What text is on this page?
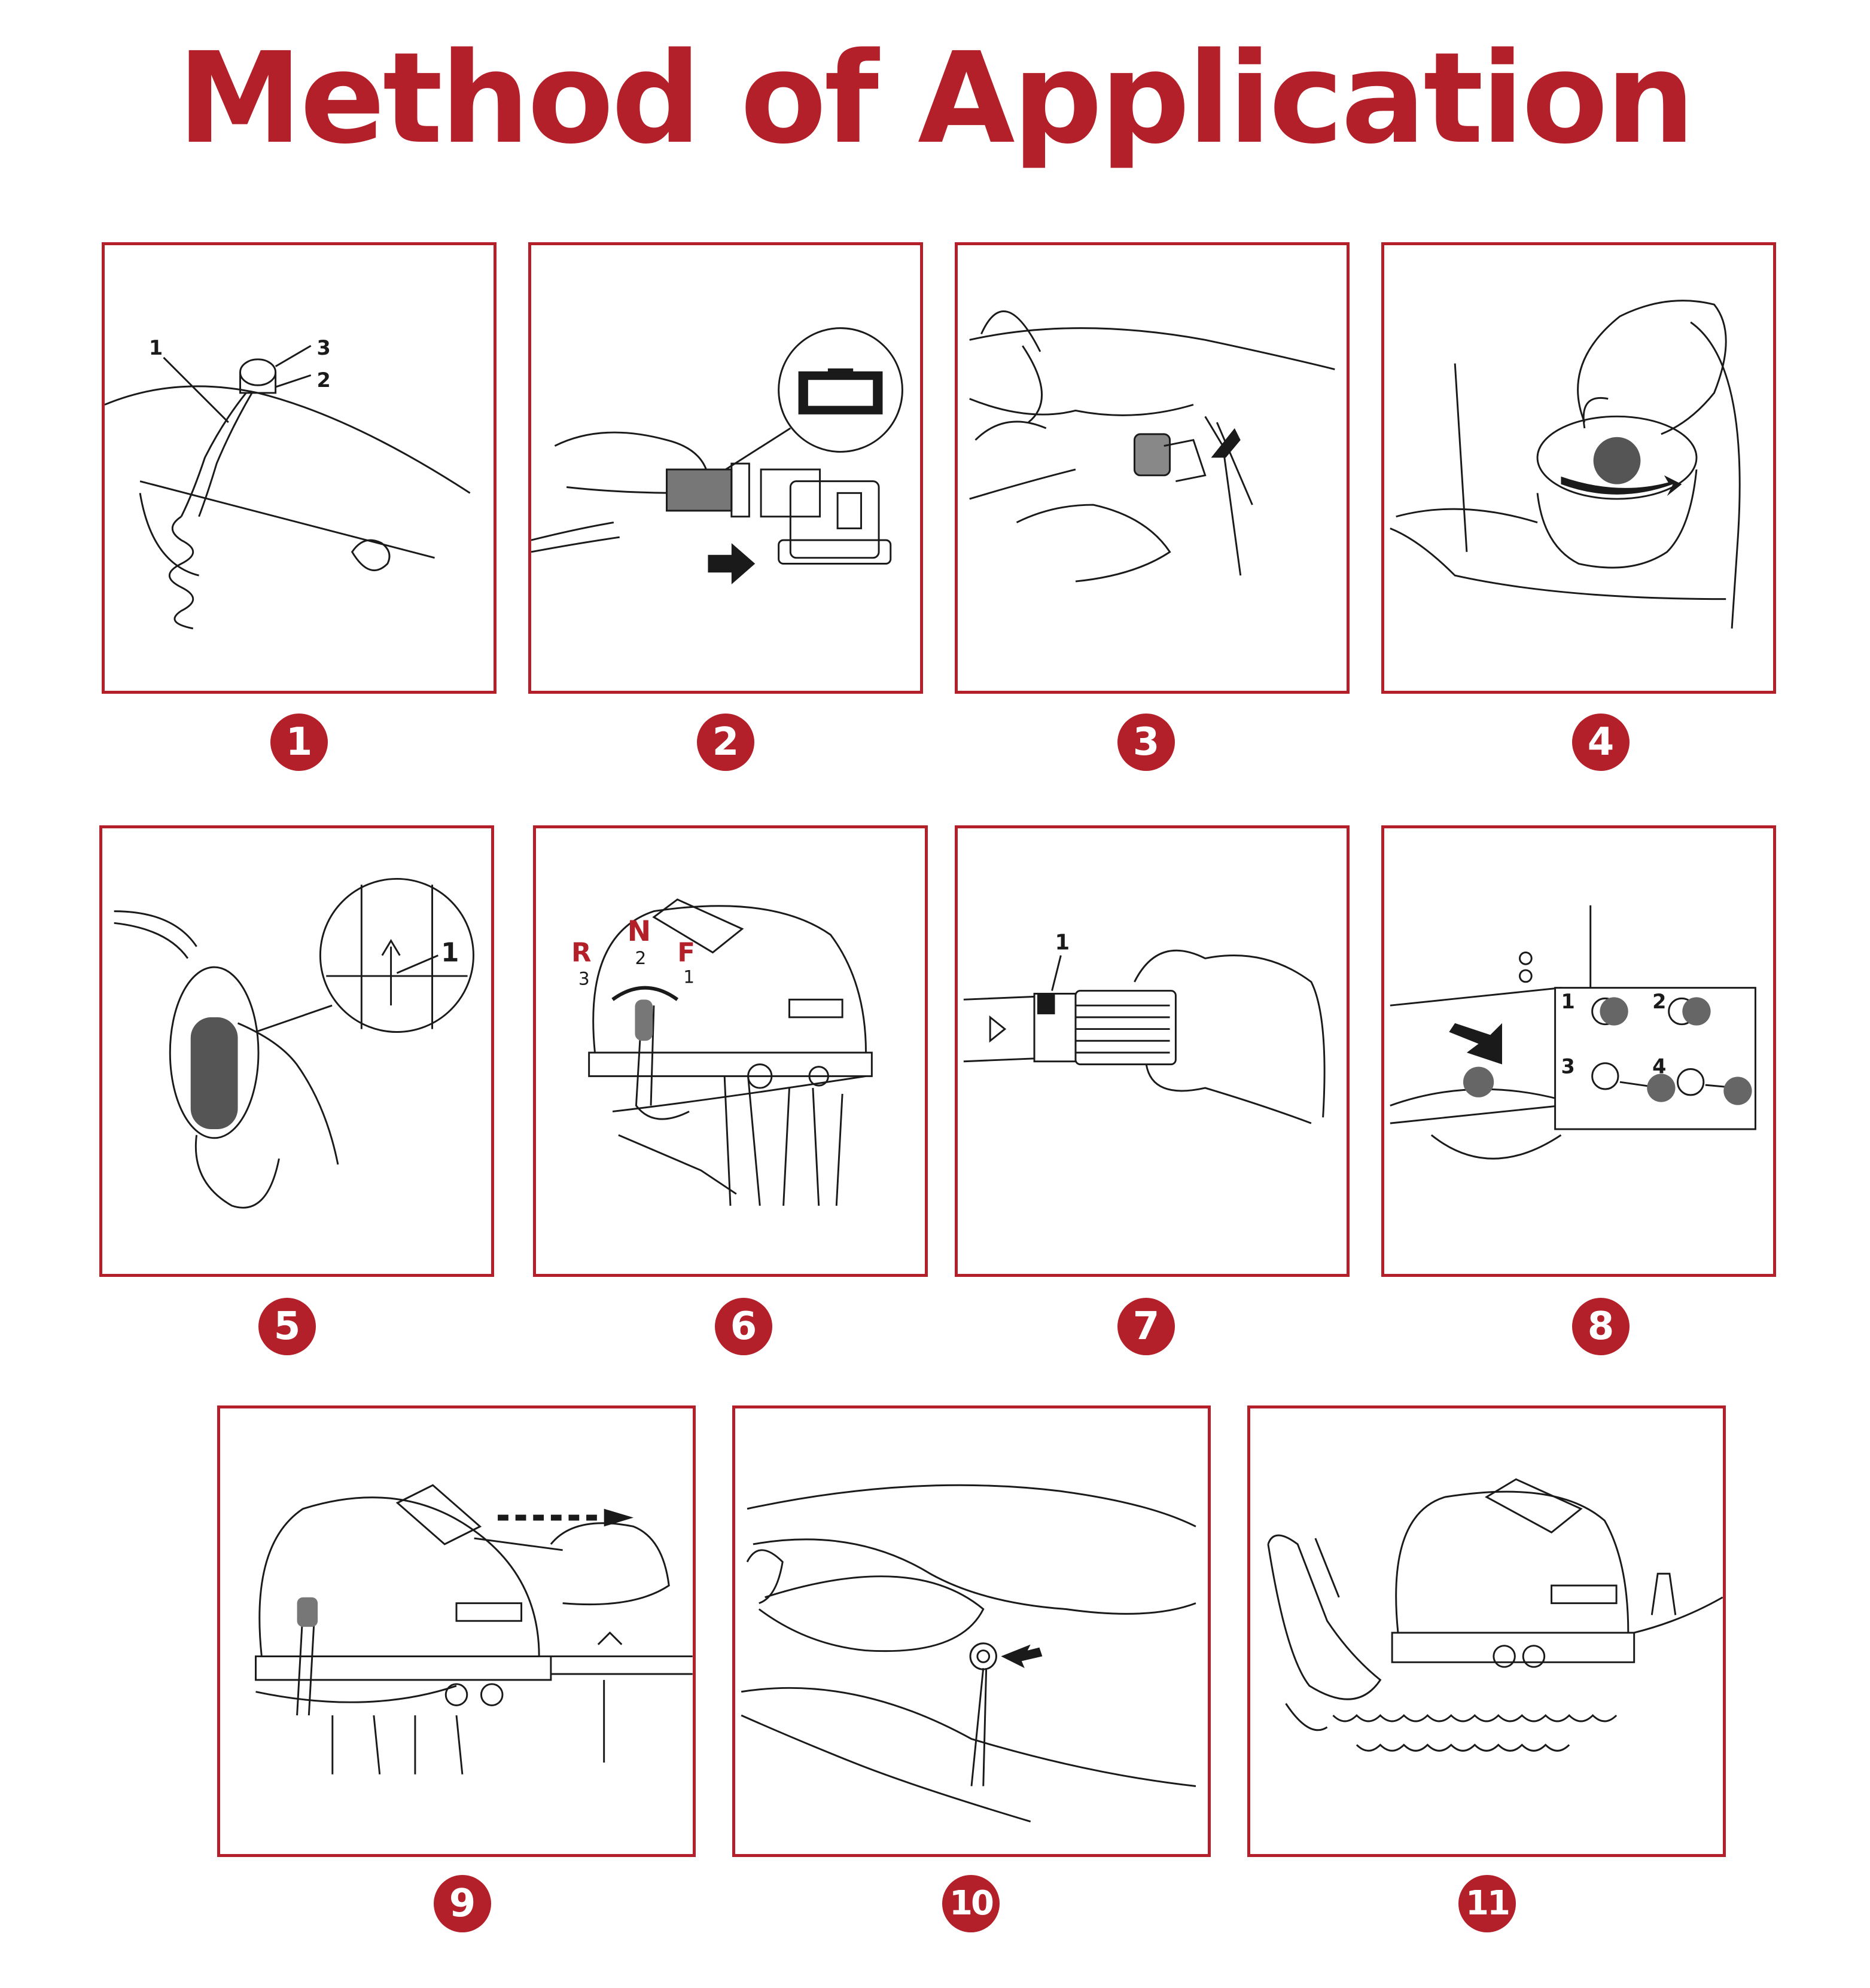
Method of Application
1
2
3
1	2	3	4
1	R
N
F
3
2
1
1
1	2
3	4
5	6	7	8
9	10	11
